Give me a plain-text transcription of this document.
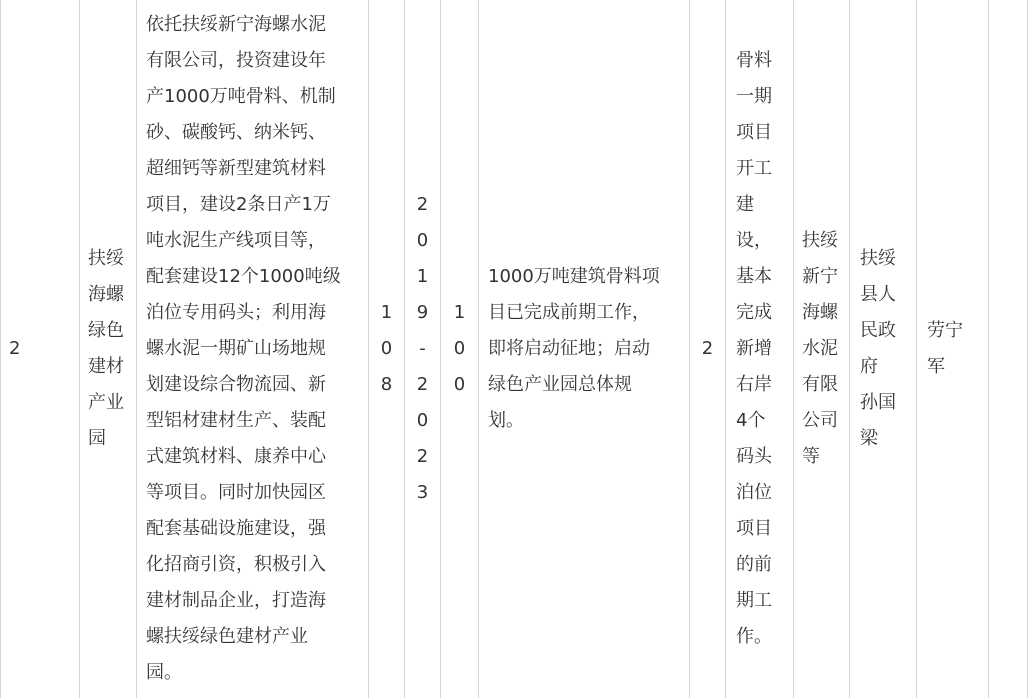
2
扶绥
海螺
绿色
建材
产业
园
依托扶绥新宁海螺水泥
有限公司，投资建设年
产1000万吨骨料、机制
砂、碳酸钙、纳米钙、
超细钙等新型建筑材料
项目，建设2条日产1万
吨水泥生产线项目等，
配套建设12个1000吨级
泊位专用码头；利用海
螺水泥一期矿山场地规
划建设综合物流园、新
型铝材建材生产、装配
式建筑材料、康养中心
等项目。同时加快园区
配套基础设施建设，强
化招商引资，积极引入
建材制品企业，打造海
螺扶绥绿色建材产业
园。
1
0
8
2
0
1
9
-
2
0
2
3
1
0
0
1000万吨建筑骨料项
目已完成前期工作，
即将启动征地；启动
绿色产业园总体规
划。
2
骨料
一期
项目
开工
建
设，
基本
完成
新增
右岸
4个
码头
泊位
项目
的前
期工
作。
扶绥
新宁
海螺
水泥
有限
公司
等
扶绥
县人
民政
府
孙国
梁
劳宁
军
